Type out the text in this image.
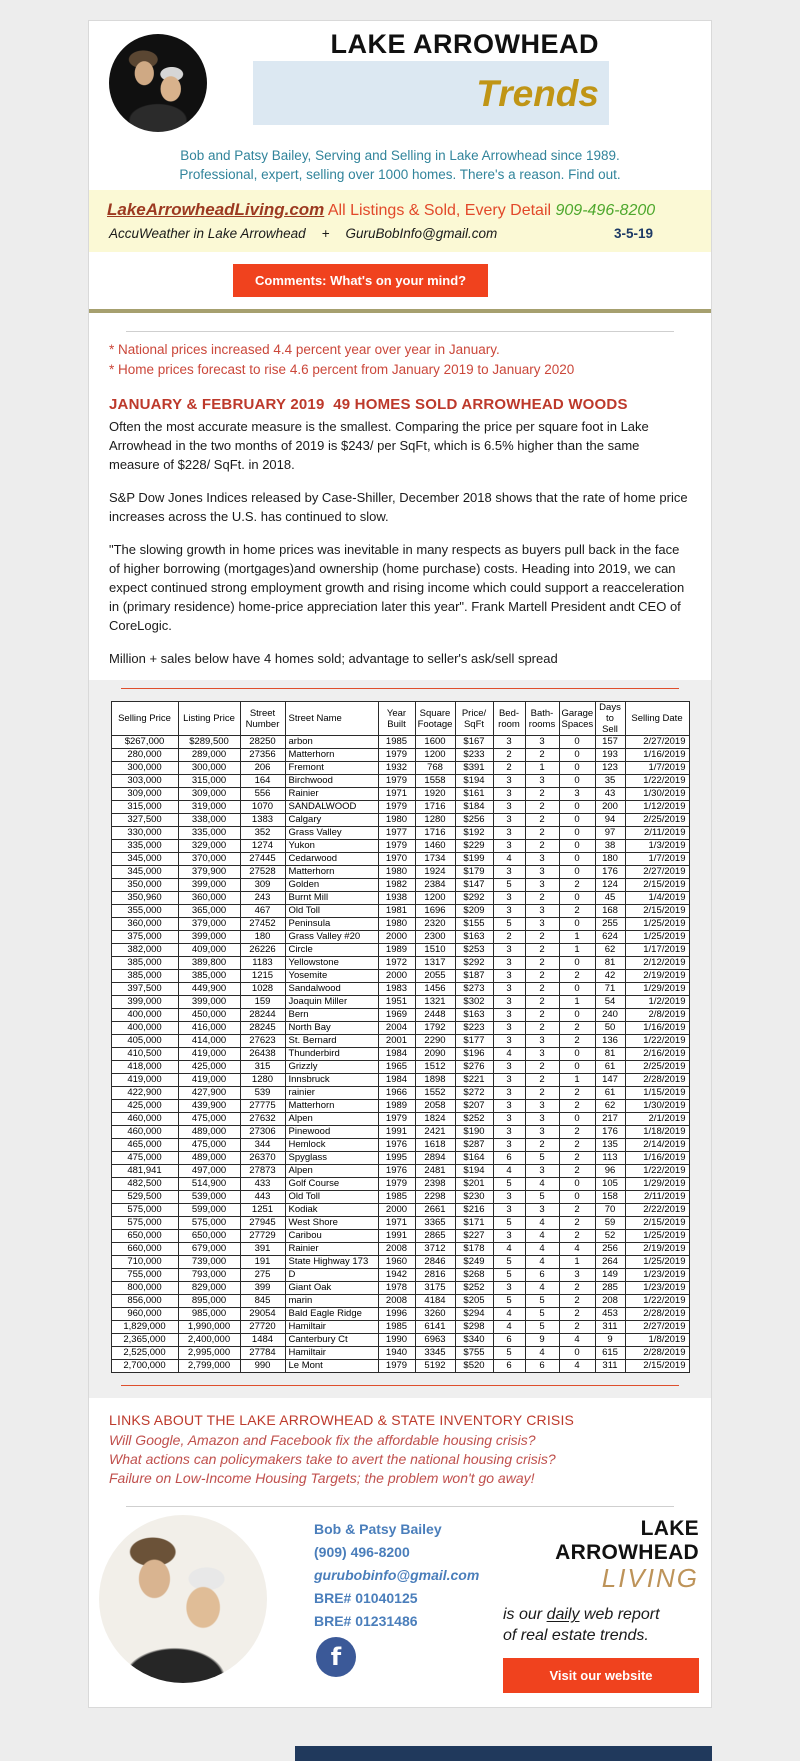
LAKE ARROWHEAD
Trends
Bob and Patsy Bailey, Serving and Selling in Lake Arrowhead since 1989.
Professional, expert, selling over 1000 homes. There's a reason. Find out.
LakeArrowheadLiving.com All Listings & Sold, Every Detail 909-496-8200
AccuWeather in Lake Arrowhead + GuruBobInfo@gmail.com	3-5-19
Comments: What's on your mind?
* National prices increased 4.4 percent year over year in January.
* Home prices forecast to rise 4.6 percent from January 2019 to January 2020
JANUARY & FEBRUARY 2019  49 HOMES SOLD ARROWHEAD WOODS
Often the most accurate measure is the smallest. Comparing the price per square foot in Lake Arrowhead in the two months of 2019 is $243/ per SqFt, which is 6.5% higher than the same measure of $228/ SqFt. in 2018.
S&P Dow Jones Indices released by Case-Shiller, December 2018 shows that the rate of home price increases across the U.S. has continued to slow.
"The slowing growth in home prices was inevitable in many respects as buyers pull back in the face of higher borrowing (mortgages)and ownership (home purchase) costs. Heading into 2019, we can expect continued strong employment growth and rising income which could support a reacceleration in (primary residence) home-price appreciation later this year". Frank Martell President andt CEO of CoreLogic.
Million + sales below have 4 homes sold; advantage to seller's ask/sell spread
Selling Price	Listing Price	Street Number	Street Name	Year Built	Square Footage	Price/ SqFt	Bed- room	Bath- rooms	Garage Spaces	Days to Sell	Selling Date
$267,000	$289,500	28250	arbon	1985	1600	$167	3	3	0	157	2/27/2019
280,000	289,000	27356	Matterhorn	1979	1200	$233	2	2	0	193	1/16/2019
300,000	300,000	206	Fremont	1932	768	$391	2	1	0	123	1/7/2019
303,000	315,000	164	Birchwood	1979	1558	$194	3	3	0	35	1/22/2019
309,000	309,000	556	Rainier	1971	1920	$161	3	2	3	43	1/30/2019
315,000	319,000	1070	SANDALWOOD	1979	1716	$184	3	2	0	200	1/12/2019
327,500	338,000	1383	Calgary	1980	1280	$256	3	2	0	94	2/25/2019
330,000	335,000	352	Grass Valley	1977	1716	$192	3	2	0	97	2/11/2019
335,000	329,000	1274	Yukon	1979	1460	$229	3	2	0	38	1/3/2019
345,000	370,000	27445	Cedarwood	1970	1734	$199	4	3	0	180	1/7/2019
345,000	379,900	27528	Matterhorn	1980	1924	$179	3	3	0	176	2/27/2019
350,000	399,000	309	Golden	1982	2384	$147	5	3	2	124	2/15/2019
350,960	360,000	243	Burnt Mill	1938	1200	$292	3	2	0	45	1/4/2019
355,000	365,000	467	Old Toll	1981	1696	$209	3	3	2	168	2/15/2019
360,000	379,000	27452	Peninsula	1980	2320	$155	5	3	0	255	1/25/2019
375,000	399,000	180	Grass Valley #20	2000	2300	$163	2	2	1	624	1/25/2019
382,000	409,000	26226	Circle	1989	1510	$253	3	2	1	62	1/17/2019
385,000	389,800	1183	Yellowstone	1972	1317	$292	3	2	0	81	2/12/2019
385,000	385,000	1215	Yosemite	2000	2055	$187	3	2	2	42	2/19/2019
397,500	449,900	1028	Sandalwood	1983	1456	$273	3	2	0	71	1/29/2019
399,000	399,000	159	Joaquin Miller	1951	1321	$302	3	2	1	54	1/2/2019
400,000	450,000	28244	Bern	1969	2448	$163	3	2	0	240	2/8/2019
400,000	416,000	28245	North Bay	2004	1792	$223	3	2	2	50	1/16/2019
405,000	414,000	27623	St. Bernard	2001	2290	$177	3	3	2	136	1/22/2019
410,500	419,000	26438	Thunderbird	1984	2090	$196	4	3	0	81	2/16/2019
418,000	425,000	315	Grizzly	1965	1512	$276	3	2	0	61	2/25/2019
419,000	419,000	1280	Innsbruck	1984	1898	$221	3	2	1	147	2/28/2019
422,900	427,900	539	rainier	1966	1552	$272	3	2	2	61	1/15/2019
425,000	439,900	27775	Matterhorn	1989	2058	$207	3	3	2	62	1/30/2019
460,000	475,000	27632	Alpen	1979	1824	$252	3	3	0	217	2/1/2019
460,000	489,000	27306	Pinewood	1991	2421	$190	3	3	2	176	1/18/2019
465,000	475,000	344	Hemlock	1976	1618	$287	3	2	2	135	2/14/2019
475,000	489,000	26370	Spyglass	1995	2894	$164	6	5	2	113	1/16/2019
481,941	497,000	27873	Alpen	1976	2481	$194	4	3	2	96	1/22/2019
482,500	514,900	433	Golf Course	1979	2398	$201	5	4	0	105	1/29/2019
529,500	539,000	443	Old Toll	1985	2298	$230	3	5	0	158	2/11/2019
575,000	599,000	1251	Kodiak	2000	2661	$216	3	3	2	70	2/22/2019
575,000	575,000	27945	West Shore	1971	3365	$171	5	4	2	59	2/15/2019
650,000	650,000	27729	Caribou	1991	2865	$227	3	4	2	52	1/25/2019
660,000	679,000	391	Rainier	2008	3712	$178	4	4	4	256	2/19/2019
710,000	739,000	191	State Highway 173	1960	2846	$249	5	4	1	264	1/25/2019
755,000	793,000	275	D	1942	2816	$268	5	6	3	149	1/23/2019
800,000	829,000	399	Giant Oak	1978	3175	$252	3	4	2	285	1/23/2019
856,000	895,000	845	marin	2008	4184	$205	5	5	2	208	1/22/2019
960,000	985,000	29054	Bald Eagle Ridge	1996	3260	$294	4	5	2	453	2/28/2019
1,829,000	1,990,000	27720	Hamiltair	1985	6141	$298	4	5	2	311	2/27/2019
2,365,000	2,400,000	1484	Canterbury Ct	1990	6963	$340	6	9	4	9	1/8/2019
2,525,000	2,995,000	27784	Hamiltair	1940	3345	$755	5	4	0	615	2/28/2019
2,700,000	2,799,000	990	Le Mont	1979	5192	$520	6	6	4	311	2/15/2019
LINKS ABOUT THE LAKE ARROWHEAD & STATE INVENTORY CRISIS
Will Google, Amazon and Facebook fix the affordable housing crisis?
What actions can policymakers take to avert the national housing crisis?
Failure on Low-Income Housing Targets; the problem won't go away!
Bob & Patsy Bailey
(909) 496-8200
gurubobinfo@gmail.com
BRE# 01040125
BRE# 01231486
f
LAKE ARROWHEAD
LIVING
is our daily web report
of real estate trends.
Visit our website
